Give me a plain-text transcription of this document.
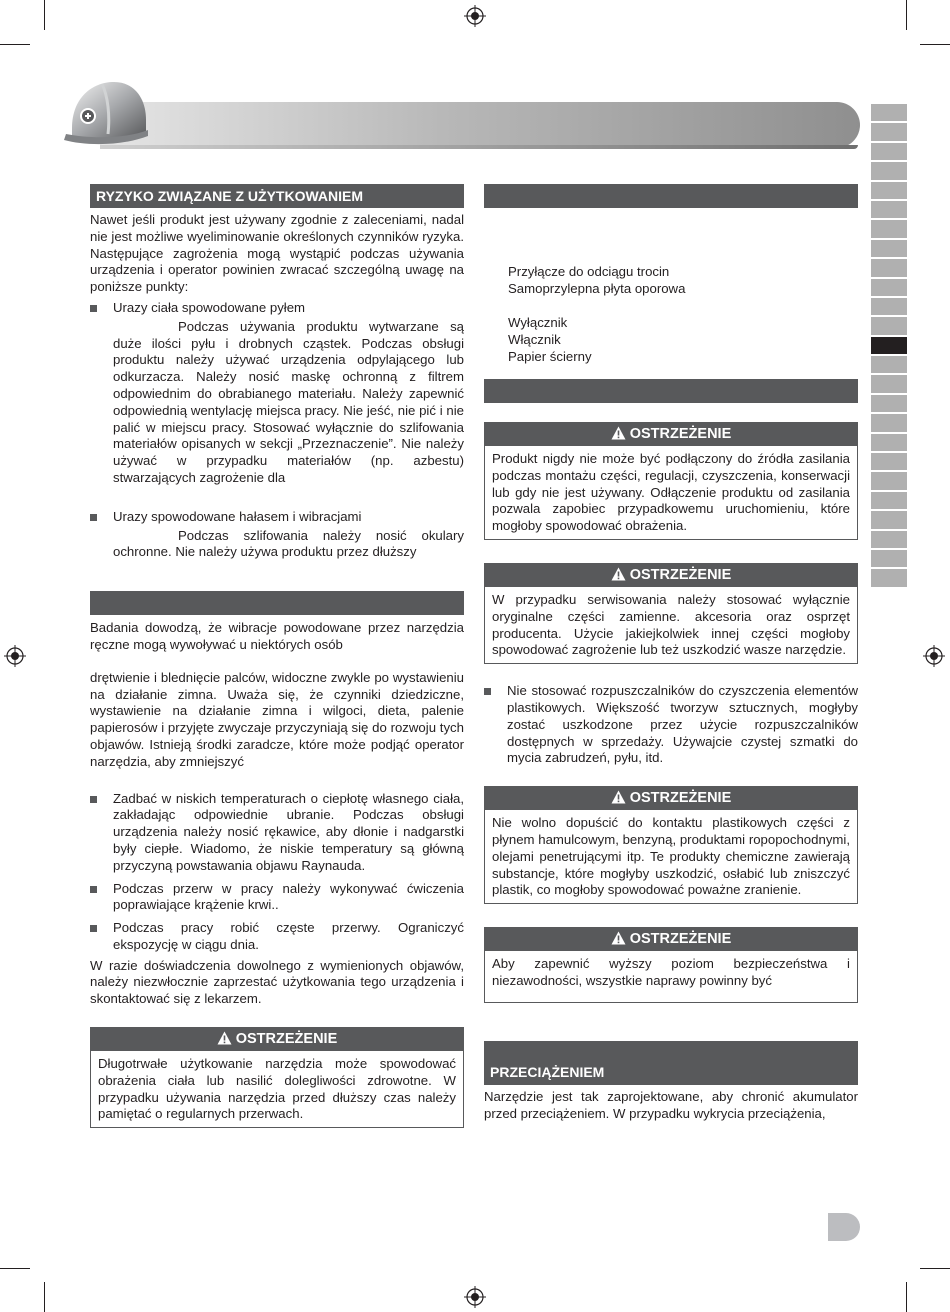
RYZYKO ZWIĄZANE Z UŻYTKOWANIEM

Nawet jeśli produkt jest używany zgodnie z zaleceniami, nadal nie jest możliwe wyeliminowanie określonych czynników ryzyka. Następujące zagrożenia mogą wystąpić podczas używania urządzenia i operator powinien zwracać szczególną uwagę na poniższe punkty:

Urazy ciała spowodowane pyłem

Podczas używania produktu wytwarzane są duże ilości pyłu i drobnych cząstek. Podczas obsługi produktu należy używać urządzenia odpylającego lub odkurzacza. Należy nosić maskę ochronną z filtrem odpowiednim do obrabianego materiału. Należy zapewnić odpowiednią wentylację miejsca pracy. Nie jeść, nie pić i nie palić w miejscu pracy. Stosować wyłącznie do szlifowania materiałów opisanych w sekcji „Przeznaczenie”. Nie należy używać w przypadku materiałów (np. azbestu) stwarzających zagrożenie dla

Urazy spowodowane hałasem i wibracjami

Podczas szlifowania należy nosić okulary ochronne. Nie należy używa produktu przez dłuższy

Badania dowodzą, że wibracje powodowane przez narzędzia ręczne mogą wywoływać u niektórych osób

drętwienie i blednięcie palców, widoczne zwykle po wystawieniu na działanie zimna. Uważa się, że czynniki dziedziczne, wystawienie na działanie zimna i wilgoci, dieta, palenie papierosów i przyjęte zwyczaje przyczyniają się do rozwoju tych objawów. Istnieją środki zaradcze, które może podjąć operator narzędzia, aby zmniejszyć

Zadbać w niskich temperaturach o ciepłotę własnego ciała, zakładając odpowiednie ubranie. Podczas obsługi urządzenia należy nosić rękawice, aby dłonie i nadgarstki były ciepłe. Wiadomo, że niskie temperatury są główną przyczyną powstawania objawu Raynauda.
Podczas przerw w pracy należy wykonywać ćwiczenia poprawiające krążenie krwi..
Podczas pracy robić częste przerwy. Ograniczyć ekspozycję w ciągu dnia.

W razie doświadczenia dowolnego z wymienionych objawów, należy niezwłocznie zaprzestać użytkowania tego urządzenia i skontaktować się z lekarzem.

OSTRZEŻENIE
Długotrwałe użytkowanie narzędzia może spowodować obrażenia ciała lub nasilić dolegliwości zdrowotne. W przypadku używania narzędzia przed dłuższy czas należy pamiętać o regularnych przerwach.
Przyłącze do odciągu trocin
Samoprzylepna płyta oporowa
Wyłącznik
Włącznik
Papier ścierny
OSTRZEŻENIE
Produkt nigdy nie może być podłączony do źródła zasilania podczas montażu części, regulacji, czyszczenia, konserwacji lub gdy nie jest używany. Odłączenie produktu od zasilania pozwala zapobiec przypadkowemu uruchomieniu, które mogłoby spowodować obrażenia.
OSTRZEŻENIE
W przypadku serwisowania należy stosować wyłącznie oryginalne części zamienne. akcesoria oraz osprzęt producenta. Użycie jakiejkolwiek innej części mogłoby spowodować zagrożenie lub też uszkodzić wasze narzędzie.
Nie stosować rozpuszczalników do czyszczenia elementów plastikowych. Większość tworzyw sztucznych, mogłyby zostać uszkodzone przez użycie rozpuszczalników dostępnych w sprzedaży. Używajcie czystej szmatki do mycia zabrudzeń, pyłu, itd.
OSTRZEŻENIE
Nie wolno dopuścić do kontaktu plastikowych części z płynem hamulcowym, benzyną, produktami ropopochodnymi, olejami penetrującymi itp. Te produkty chemiczne zawierają substancje, które mogłyby uszkodzić, osłabić lub zniszczyć plastik, co mogłoby spowodować poważne zranienie.
OSTRZEŻENIE
Aby zapewnić wyższy poziom bezpieczeństwa i niezawodności, wszystkie naprawy powinny być
PRZECIĄŻENIEM

Narzędzie jest tak zaprojektowane, aby chronić akumulator przed przeciążeniem. W przypadku wykrycia przeciążenia,
